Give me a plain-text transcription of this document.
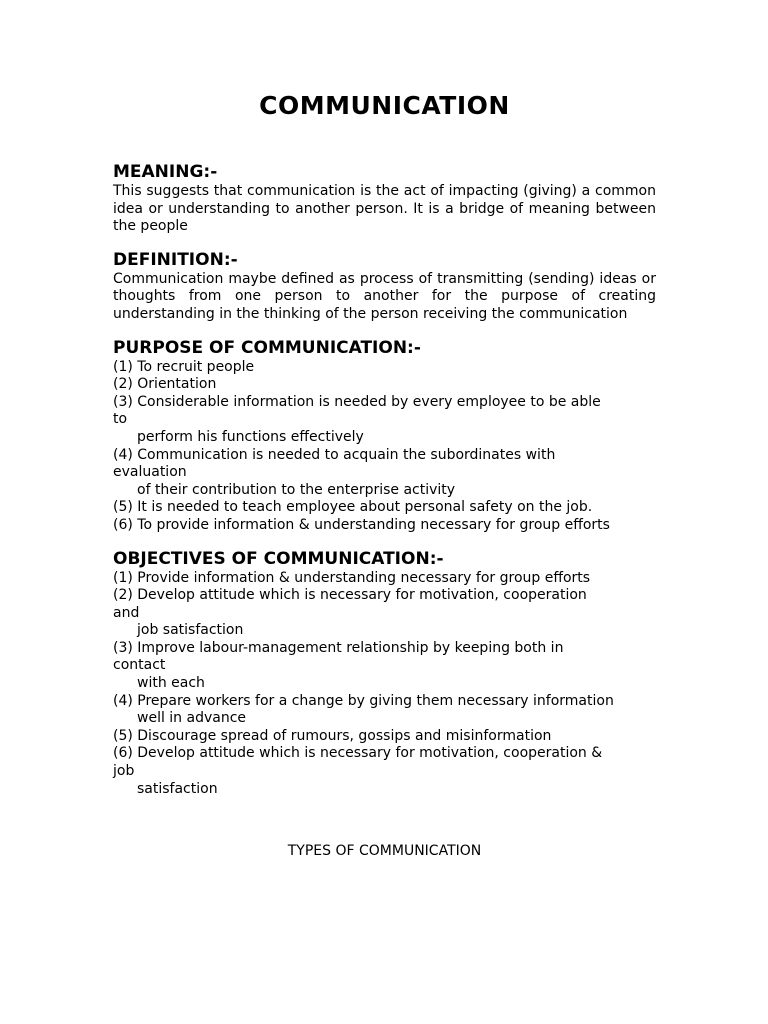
COMMUNICATION

MEANING:-

This suggests that communication is the act of impacting (giving) a common idea or understanding to another person. It is a bridge of meaning between the people

DEFINITION:-

Communication maybe defined as process of transmitting (sending) ideas or thoughts from one person to another for the purpose of creating understanding in the thinking of the person receiving the communication

PURPOSE OF COMMUNICATION:-

(1) To recruit people

(2) Orientation

(3) Considerable information is needed by every employee to be able

to

perform his functions effectively

(4) Communication is needed to acquain the subordinates with

evaluation

of their contribution to the enterprise activity

(5) It is needed to teach employee about personal safety on the job.

(6) To provide information & understanding necessary for group efforts

OBJECTIVES OF COMMUNICATION:-

(1) Provide information & understanding necessary for group efforts

(2) Develop attitude which is necessary for motivation, cooperation

and

job satisfaction

(3) Improve labour-management relationship by keeping both in

contact

with each

(4) Prepare workers for a change by giving them necessary information

well in advance

(5) Discourage spread of rumours, gossips and misinformation

(6) Develop attitude which is necessary for motivation, cooperation &

job

satisfaction

TYPES OF COMMUNICATION
